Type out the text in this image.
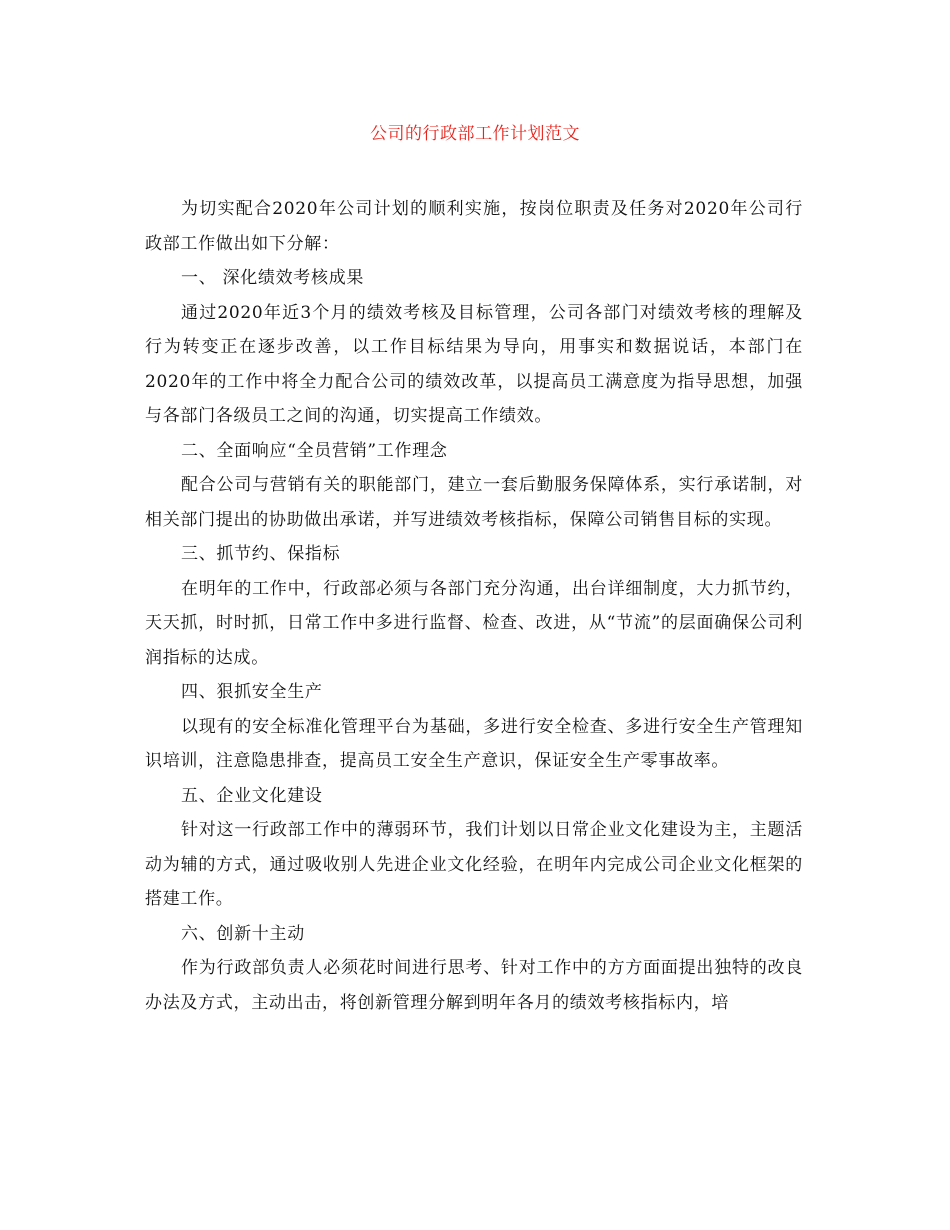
公司的行政部工作计划范文

为切实配合2020年公司计划的顺利实施，按岗位职责及任务对2020年公司行政部工作做出如下分解：

一、 深化绩效考核成果

通过2020年近3个月的绩效考核及目标管理，公司各部门对绩效考核的理解及行为转变正在逐步改善，以工作目标结果为导向，用事实和数据说话，本部门在2020年的工作中将全力配合公司的绩效改革，以提高员工满意度为指导思想，加强与各部门各级员工之间的沟通，切实提高工作绩效。

二、全面响应“全员营销”工作理念

配合公司与营销有关的职能部门，建立一套后勤服务保障体系，实行承诺制，对相关部门提出的协助做出承诺，并写进绩效考核指标，保障公司销售目标的实现。

三、抓节约、保指标

在明年的工作中，行政部必须与各部门充分沟通，出台详细制度，大力抓节约，天天抓，时时抓，日常工作中多进行监督、检查、改进，从“节流”的层面确保公司利润指标的达成。

四、狠抓安全生产

以现有的安全标准化管理平台为基础，多进行安全检查、多进行安全生产管理知识培训，注意隐患排查，提高员工安全生产意识，保证安全生产零事故率。

五、企业文化建设

针对这一行政部工作中的薄弱环节，我们计划以日常企业文化建设为主，主题活动为辅的方式，通过吸收别人先进企业文化经验，在明年内完成公司企业文化框架的搭建工作。

六、创新十主动

作为行政部负责人必须花时间进行思考、针对工作中的方方面面提出独特的改良办法及方式，主动出击，将创新管理分解到明年各月的绩效考核指标内，培
